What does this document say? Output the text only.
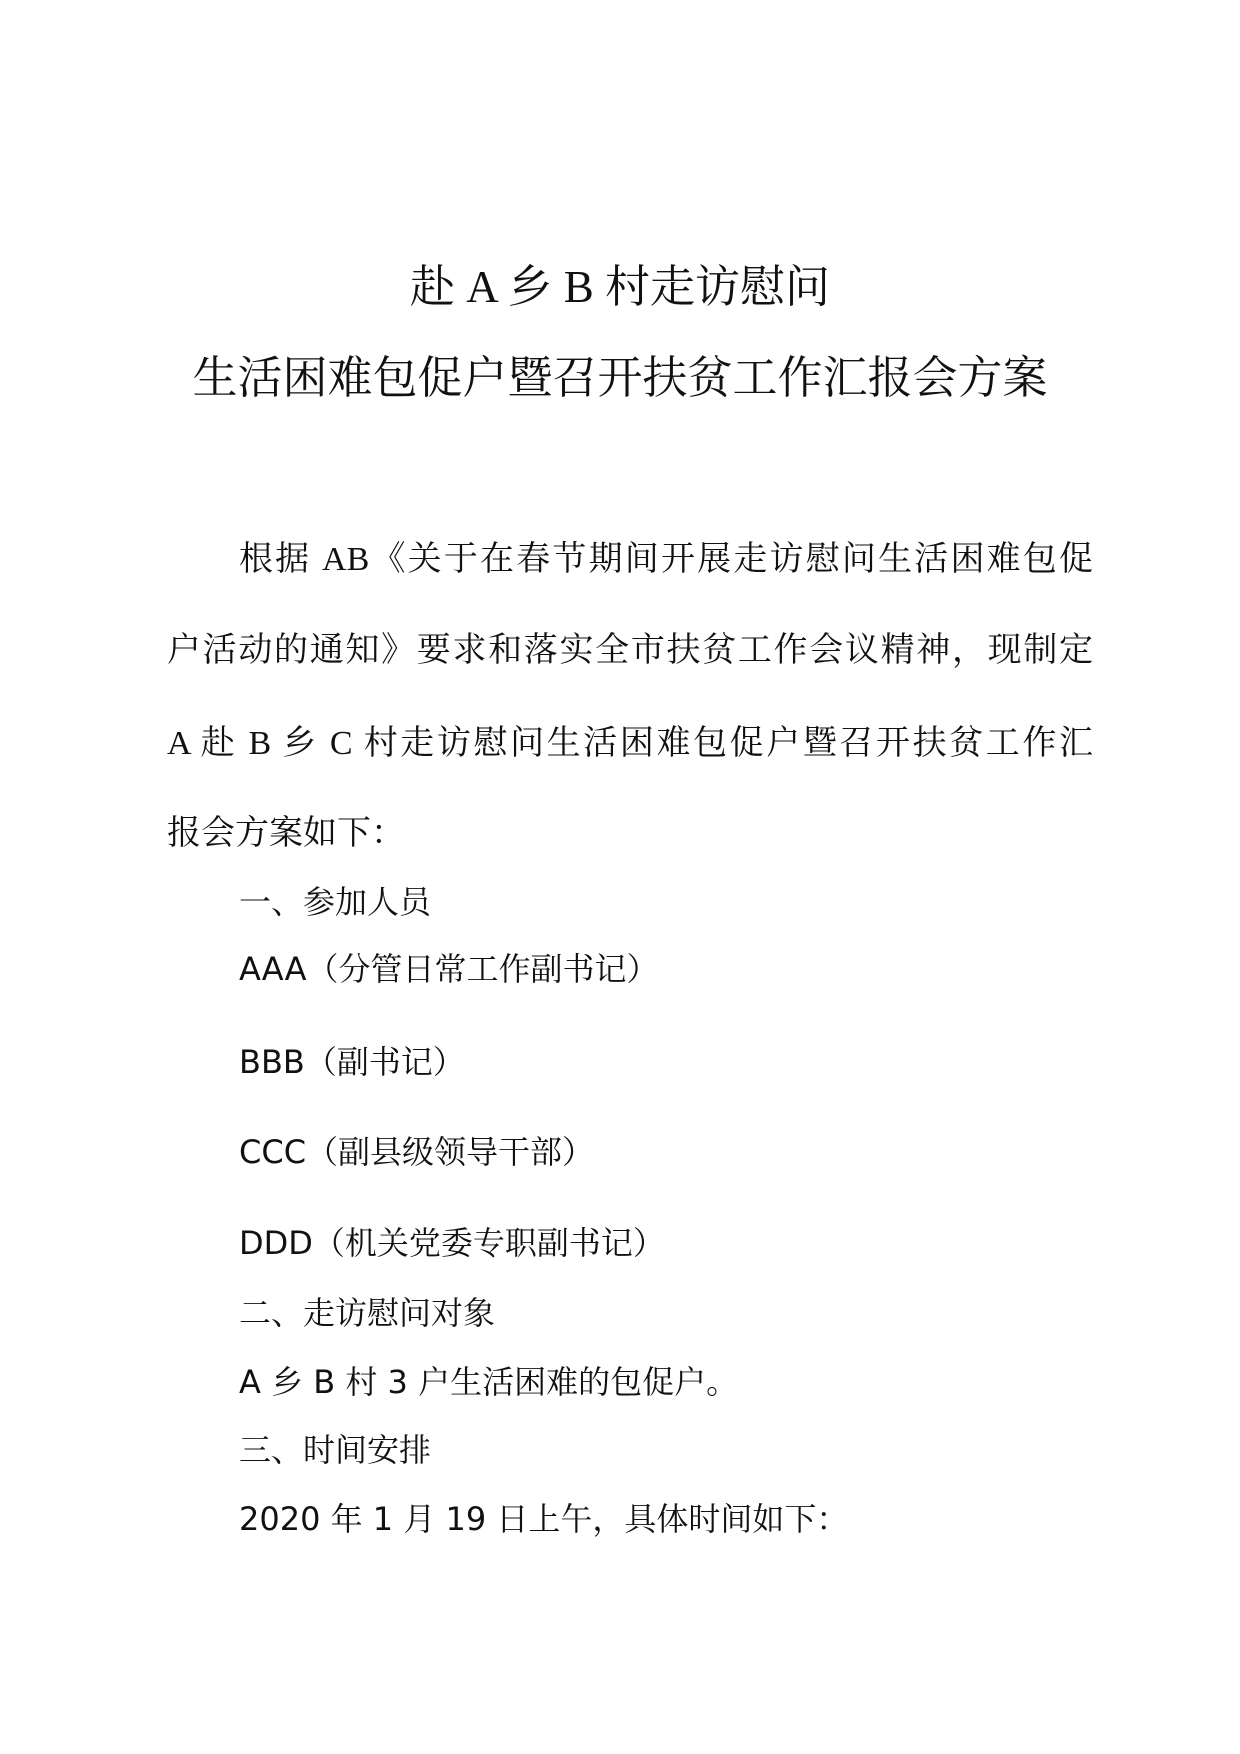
赴 A 乡 B 村走访慰问
生活困难包促户暨召开扶贫工作汇报会方案
根据 AB《关于在春节期间开展走访慰问生活困难包促
户活动的通知》要求和落实全市扶贫工作会议精神，现制定
A 赴 B 乡 C 村走访慰问生活困难包促户暨召开扶贫工作汇
报会方案如下：
一、参加人员
AAA（分管日常工作副书记）
BBB（副书记）
CCC（副县级领导干部）
DDD（机关党委专职副书记）
二、走访慰问对象
A 乡 B 村 3 户生活困难的包促户。
三、时间安排
2020 年 1 月 19 日上午，具体时间如下：
